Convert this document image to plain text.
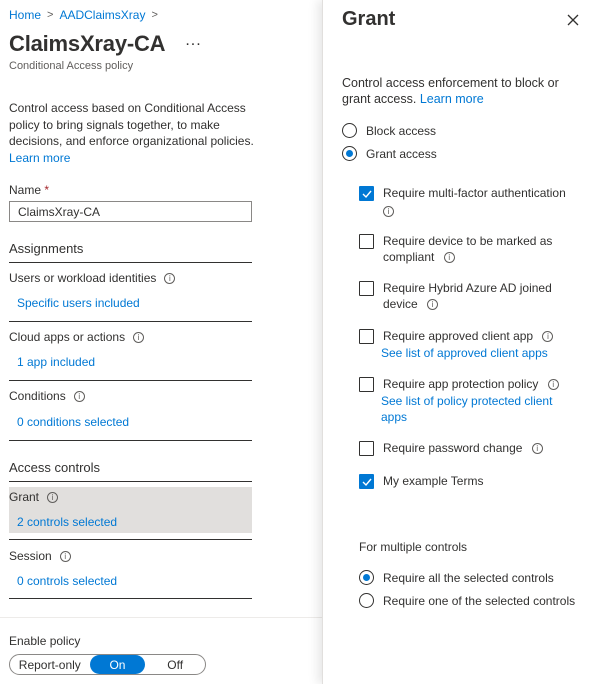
Home > AADClaimsXray >
ClaimsXray-CA ...
Conditional Access policy
Control access based on Conditional Access policy to bring signals together, to make decisions, and enforce organizational policies.
Learn more
Name *
ClaimsXray-CA
Assignments
Users or workload identities	i
Specific users included
Cloud apps or actions	i
1 app included
Conditions	i
0 conditions selected
Access controls
Grant	i
2 controls selected
Session	i
0 controls selected
Enable policy
Report-only	On	Off
Grant
Control access enforcement to block or grant access. Learn more
Block access
Grant access
Require multi-factor authentication
i
Require device to be marked as compliant i
Require Hybrid Azure AD joined device i
Require approved client app i
See list of approved client apps
Require app protection policy i
See list of policy protected client apps
Require password change i
My example Terms
For multiple controls
Require all the selected controls
Require one of the selected controls
